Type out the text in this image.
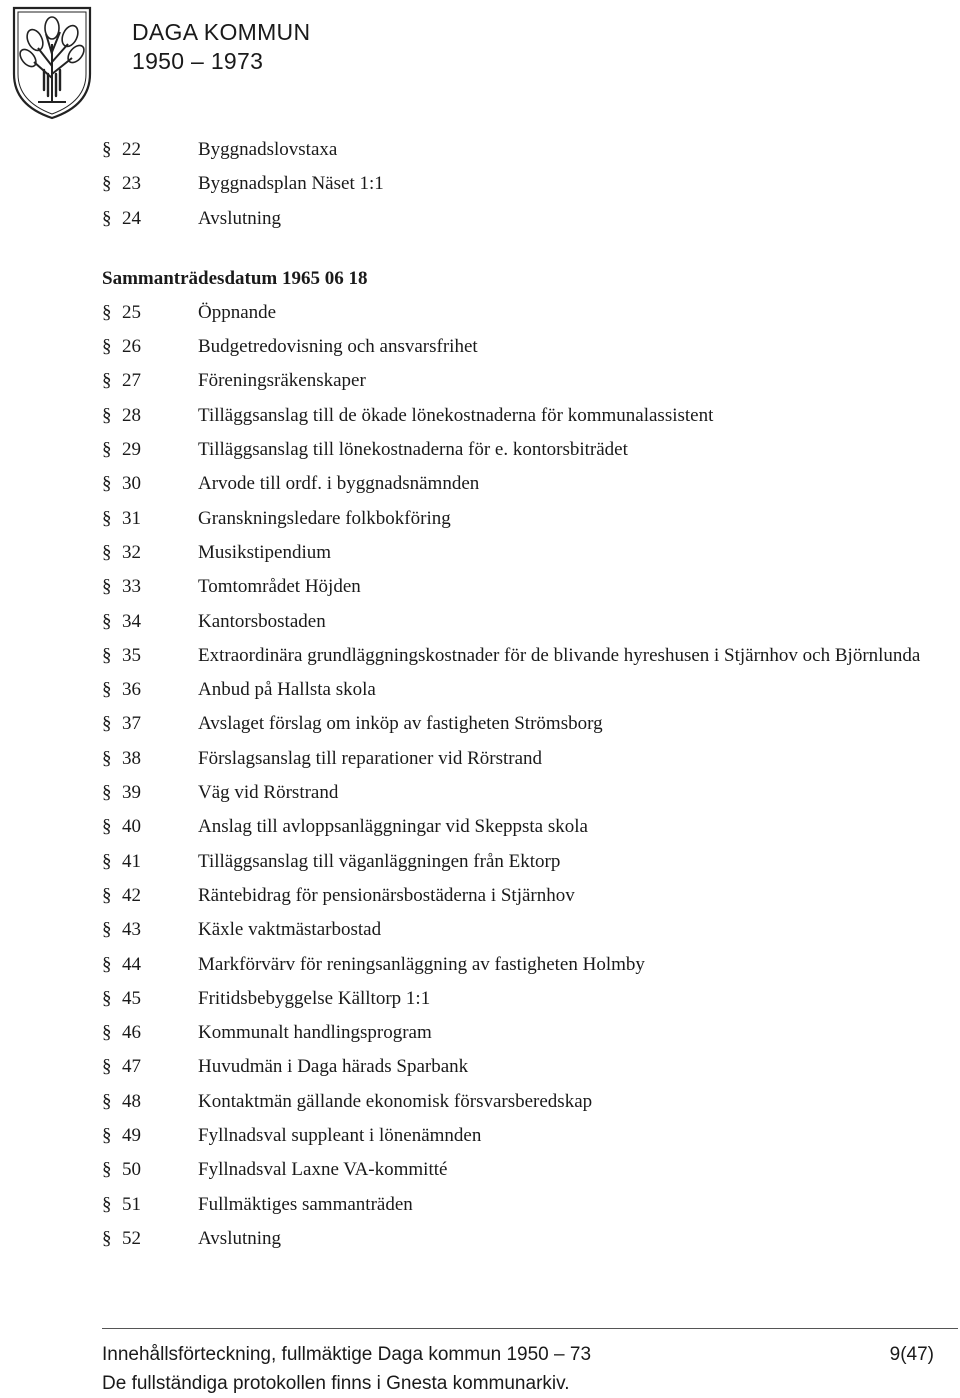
DAGA KOMMUN
1950 – 1973
§ 22	Byggnadslovstaxa
§ 23	Byggnadsplan Näset 1:1
§ 24	Avslutning
Sammanträdesdatum 1965 06 18
§ 25	Öppnande
§ 26	Budgetredovisning och ansvarsfrihet
§ 27	Föreningsräkenskaper
§ 28	Tilläggsanslag till de ökade lönekostnaderna för kommunalassistent
§ 29	Tilläggsanslag till lönekostnaderna för e. kontorsbiträdet
§ 30	Arvode till ordf. i byggnadsnämnden
§ 31	Granskningsledare folkbokföring
§ 32	Musikstipendium
§ 33	Tomtområdet Höjden
§ 34	Kantorsbostaden
§ 35	Extraordinära grundläggningskostnader för de blivande hyreshusen i Stjärnhov och Björnlunda
§ 36	Anbud på Hallsta skola
§ 37	Avslaget förslag om inköp av fastigheten Strömsborg
§ 38	Förslagsanslag till reparationer vid Rörstrand
§ 39	Väg vid Rörstrand
§ 40	Anslag till avloppsanläggningar vid Skeppsta skola
§ 41	Tilläggsanslag till väganläggningen från Ektorp
§ 42	Räntebidrag för pensionärsbostäderna i Stjärnhov
§ 43	Käxle vaktmästarbostad
§ 44	Markförvärv för reningsanläggning av fastigheten Holmby
§ 45	Fritidsbebyggelse Källtorp 1:1
§ 46	Kommunalt handlingsprogram
§ 47	Huvudmän i Daga härads Sparbank
§ 48	Kontaktmän gällande ekonomisk försvarsberedskap
§ 49	Fyllnadsval suppleant i lönenämnden
§ 50	Fyllnadsval Laxne VA-kommitté
§ 51	Fullmäktiges sammanträden
§ 52	Avslutning
Innehållsförteckning, fullmäktige Daga kommun 1950 – 73	9(47)
De fullständiga protokollen finns i Gnesta kommunarkiv.
